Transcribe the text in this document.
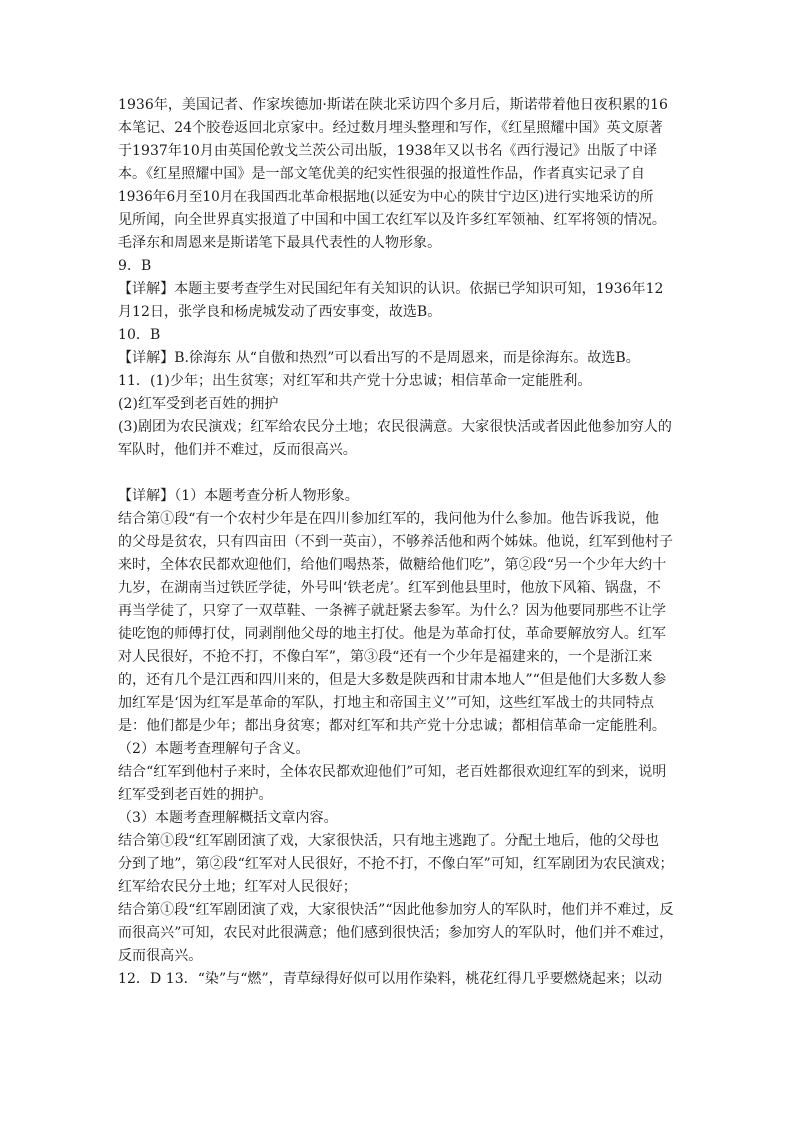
1936年，美国记者、作家埃德加·斯诺在陕北采访四个多月后，斯诺带着他日夜积累的16
本笔记、24个胶卷返回北京家中。经过数月埋头整理和写作，《红星照耀中国》英文原著
于1937年10月由英国伦敦戈兰茨公司出版，1938年又以书名《西行漫记》出版了中译
本。《红星照耀中国》是一部文笔优美的纪实性很强的报道性作品，作者真实记录了自
1936年6月至10月在我国西北革命根据地(以延安为中心的陕甘宁边区)进行实地采访的所
见所闻，向全世界真实报道了中国和中国工农红军以及许多红军领袖、红军将领的情况。
毛泽东和周恩来是斯诺笔下最具代表性的人物形象。
9．B
【详解】本题主要考查学生对民国纪年有关知识的认识。依据已学知识可知，1936年12
月12日，张学良和杨虎城发动了西安事变，故选B。
10．B
【详解】B.徐海东 从“自傲和热烈”可以看出写的不是周恩来，而是徐海东。故选B。
11．(1)少年；出生贫寒；对红军和共产党十分忠诚；相信革命一定能胜利。
(2)红军受到老百姓的拥护
(3)剧团为农民演戏；红军给农民分土地；农民很满意。大家很快活或者因此他参加穷人的
军队时，他们并不难过，反而很高兴。
【详解】（1）本题考查分析人物形象。
结合第①段“有一个农村少年是在四川参加红军的，我问他为什么参加。他告诉我说，他
的父母是贫农，只有四亩田（不到一英亩），不够养活他和两个姊妹。他说，红军到他村子
来时，全体农民都欢迎他们，给他们喝热茶，做糖给他们吃”，第②段“另一个少年大约十
九岁，在湖南当过铁匠学徒，外号叫‘铁老虎’。红军到他县里时，他放下风箱、锅盘，不
再当学徒了，只穿了一双草鞋、一条裤子就赶紧去参军。为什么？因为他要同那些不让学
徒吃饱的师傅打仗，同剥削他父母的地主打仗。他是为革命打仗，革命要解放穷人。红军
对人民很好，不抢不打，不像白军”，第③段“还有一个少年是福建来的，一个是浙江来
的，还有几个是江西和四川来的，但是大多数是陕西和甘肃本地人”“但是他们大多数人参
加红军是‘因为红军是革命的军队，打地主和帝国主义’”可知，这些红军战士的共同特点
是：他们都是少年；都出身贫寒；都对红军和共产党十分忠诚；都相信革命一定能胜利。
（2）本题考查理解句子含义。
结合“红军到他村子来时，全体农民都欢迎他们”可知，老百姓都很欢迎红军的到来，说明
红军受到老百姓的拥护。
（3）本题考查理解概括文章内容。
结合第①段“红军剧团演了戏，大家很快活，只有地主逃跑了。分配土地后，他的父母也
分到了地”，第②段“红军对人民很好，不抢不打，不像白军”可知，红军剧团为农民演戏；
红军给农民分土地；红军对人民很好；
结合第①段“红军剧团演了戏，大家很快活”“因此他参加穷人的军队时，他们并不难过，反
而很高兴”可知，农民对此很满意；他们感到很快活；参加穷人的军队时，他们并不难过，
反而很高兴。
12．D 13．“染”与“燃”，青草绿得好似可以用作染料，桃花红得几乎要燃烧起来；以动
